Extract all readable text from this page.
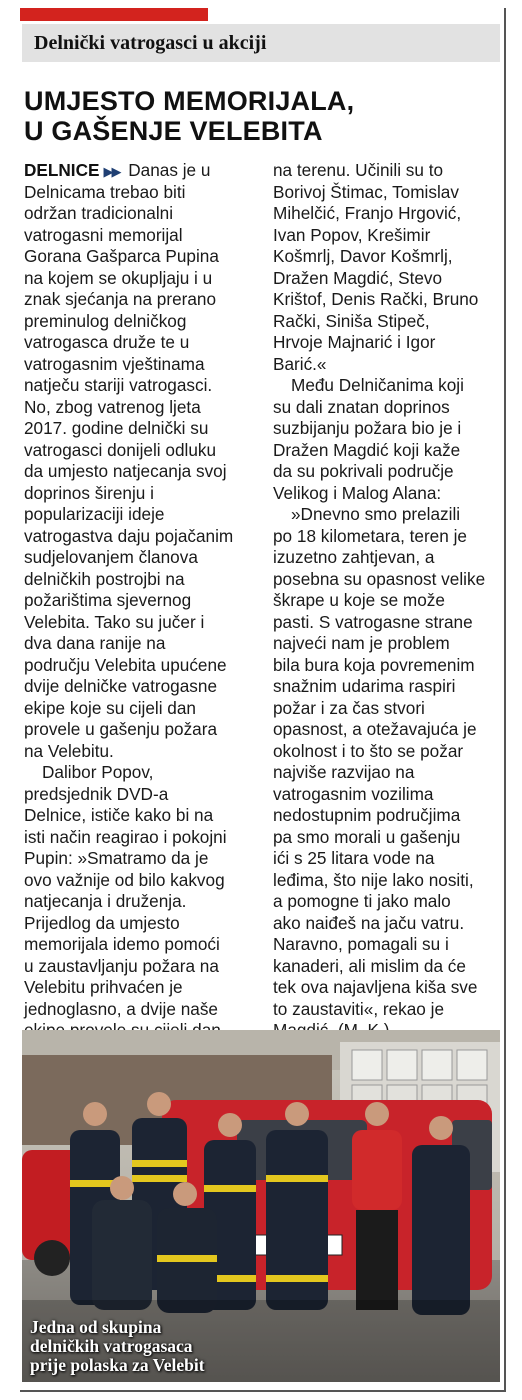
Delnički vatrogasci u akciji
UMJESTO MEMORIJALA,
U GAŠENJE VELEBITA
DELNICE ▶▶ Danas je u
Delnicama trebao biti
održan tradicionalni
vatrogasni memorijal
Gorana Gašparca Pupina
na kojem se okupljaju i u
znak sjećanja na prerano
preminulog delničkog
vatrogasca druže te u
vatrogasnim vještinama
natječu stariji vatrogasci.
No, zbog vatrenog ljeta
2017. godine delnički su
vatrogasci donijeli odluku
da umjesto natjecanja svoj
doprinos širenju i
popularizaciji ideje
vatrogastva daju pojačanim
sudjelovanjem članova
delničkih postrojbi na
požarištima sjevernog
Velebita. Tako su jučer i
dva dana ranije na
području Velebita upućene
dvije delničke vatrogasne
ekipe koje su cijeli dan
provele u gašenju požara
na Velebitu.
Dalibor Popov,
predsjednik DVD-a
Delnice, ističe kako bi na
isti način reagirao i pokojni
Pupin: »Smatramo da je
ovo važnije od bilo kakvog
natjecanja i druženja.
Prijedlog da umjesto
memorijala idemo pomoći
u zaustavljanju požara na
Velebitu prihvaćen je
jednoglasno, a dvije naše
na terenu. Učinili su to
Borivoj Štimac, Tomislav
Mihelčić, Franjo Hrgović,
Ivan Popov, Krešimir
Košmrlj, Davor Košmrlj,
Dražen Magdić, Stevo
Krištof, Denis Rački, Bruno
Rački, Siniša Stipeč,
Hrvoje Majnarić i Igor
Barić.«
Među Delničanima koji
su dali znatan doprinos
suzbijanju požara bio je i
Dražen Magdić koji kaže
da su pokrivali područje
Velikog i Malog Alana:
»Dnevno smo prelazili
po 18 kilometara, teren je
izuzetno zahtjevan, a
posebna su opasnost velike
škrape u koje se može
pasti. S vatrogasne strane
najveći nam je problem
bila bura koja povremenim
snažnim udarima raspiri
požar i za čas stvori
opasnost, a otežavajuća je
okolnost i to što se požar
najviše razvijao na
vatrogasnim vozilima
nedostupnim područjima
pa smo morali u gašenju
ići s 25 litara vode na
leđima, što nije lako nositi,
a pomogne ti jako malo
ako naiđeš na jaču vatru.
Naravno, pomagali su i
kanaderi, ali mislim da će
tek ova najavljena kiša sve
to zaustaviti«, rekao je
Jedna od skupina
delničkih vatrogasaca
prije polaska za Velebit
